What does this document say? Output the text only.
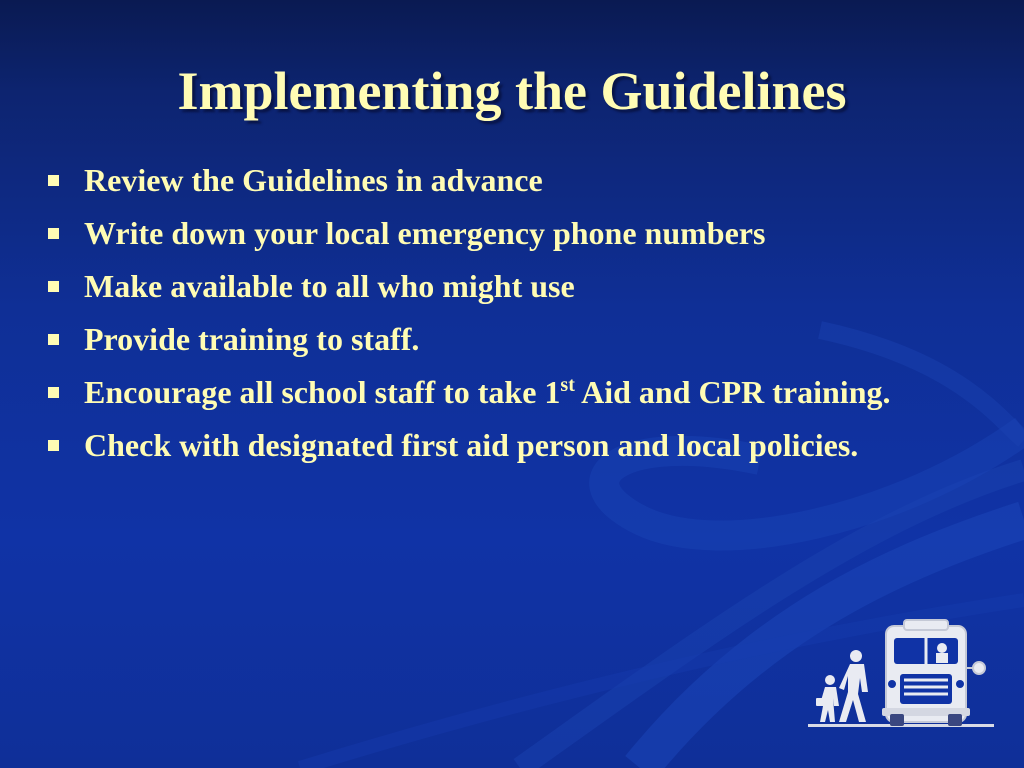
Implementing the Guidelines
Review the Guidelines in advance
Write down your local emergency phone numbers
Make available to all who might use
Provide training to staff.
Encourage all school staff to take 1st Aid and CPR training.
Check with designated first aid person and local policies.
